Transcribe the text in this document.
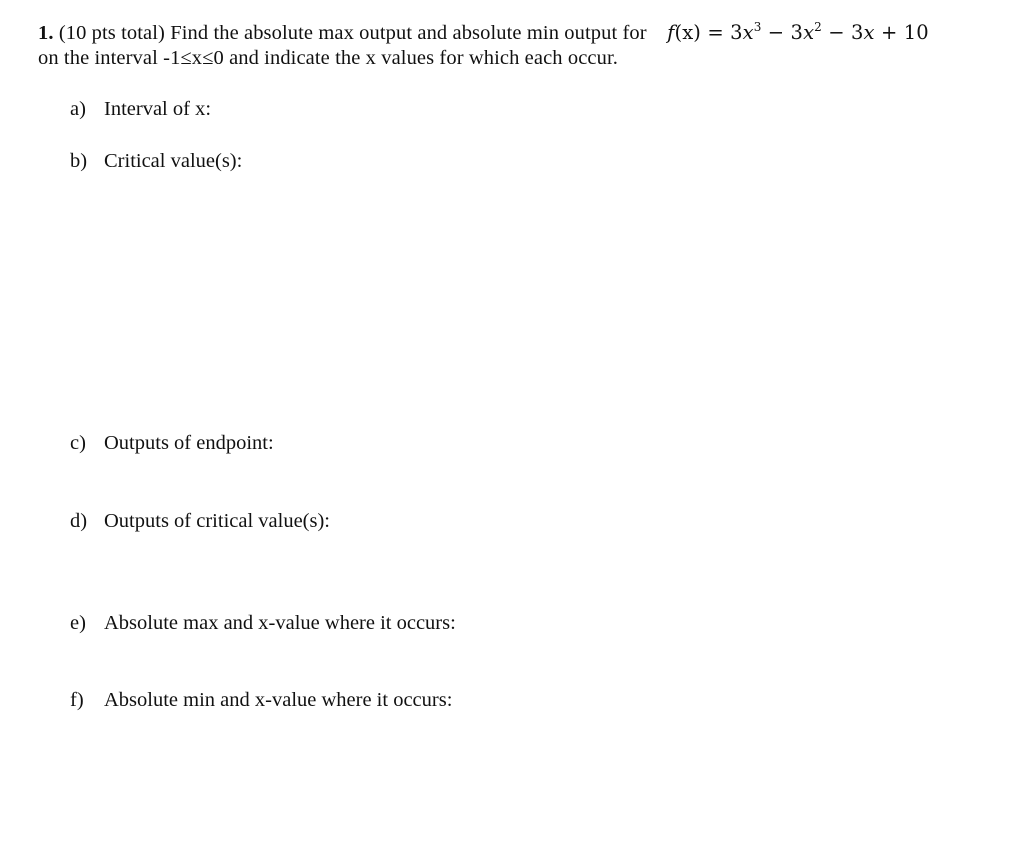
1. (10 pts total) Find the absolute max output and absolute min output for $f(x) = 3x^3 - 3x^2 - 3x + 10$
on the interval -1≤x≤0 and indicate the x values for which each occur.
a) Interval of x:
b) Critical value(s):
c) Outputs of endpoint:
d) Outputs of critical value(s):
e) Absolute max and x-value where it occurs:
f) Absolute min and x-value where it occurs:
